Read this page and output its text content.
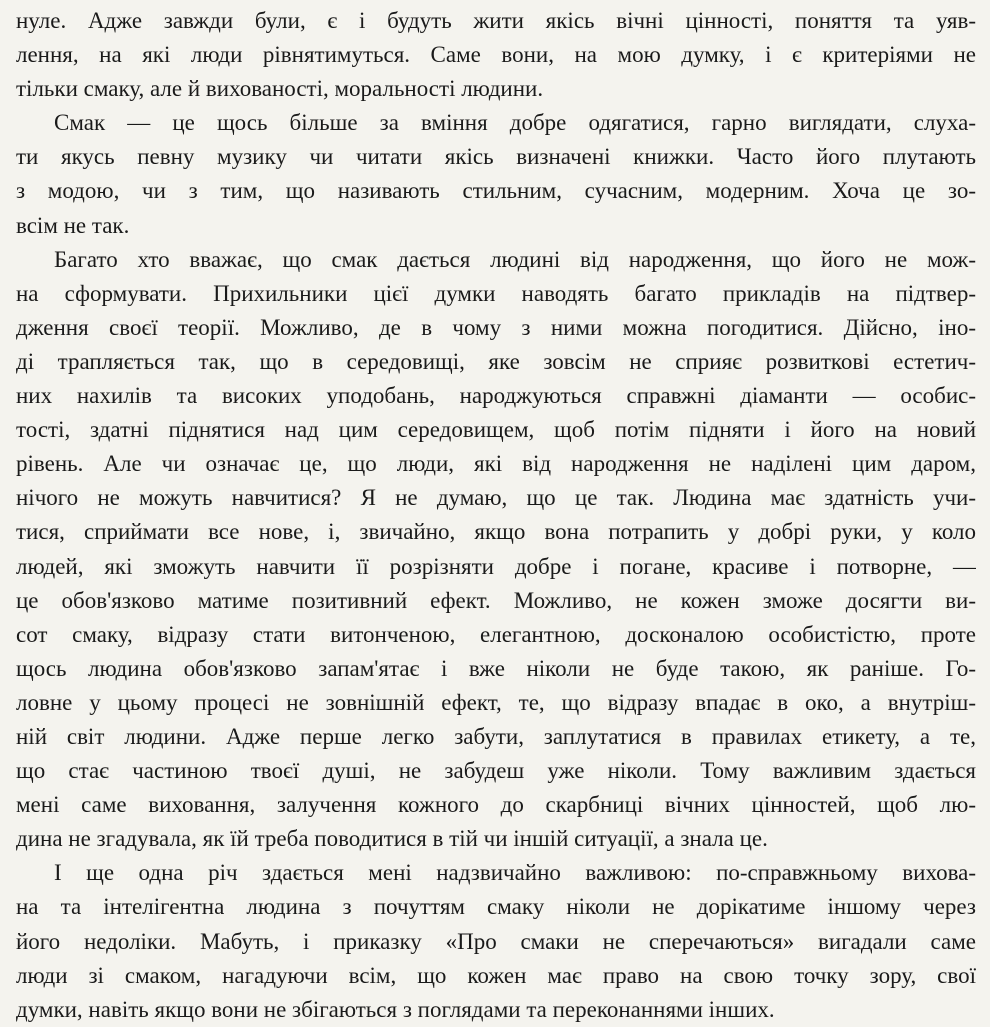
нуле. Адже завжди були, є і будуть жити якісь вічні цінності, поняття та уяв-
лення, на які люди рівнятимуться. Саме вони, на мою думку, і є критеріями не
тільки смаку, але й вихованості, моральності людини.
Смак — це щось більше за вміння добре одягатися, гарно виглядати, слуха-
ти якусь певну музику чи читати якісь визначені книжки. Часто його плутають
з модою, чи з тим, що називають стильним, сучасним, модерним. Хоча це зо-
всім не так.
Багато хто вважає, що смак дається людині від народження, що його не мож-
на сформувати. Прихильники цієї думки наводять багато прикладів на підтвер-
дження своєї теорії. Можливо, де в чому з ними можна погодитися. Дійсно, іно-
ді трапляється так, що в середовищі, яке зовсім не сприяє розвиткові естетич-
них нахилів та високих уподобань, народжуються справжні діаманти — особис-
тості, здатні піднятися над цим середовищем, щоб потім підняти і його на новий
рівень. Але чи означає це, що люди, які від народження не наділені цим даром,
нічого не можуть навчитися? Я не думаю, що це так. Людина має здатність учи-
тися, сприймати все нове, і, звичайно, якщо вона потрапить у добрі руки, у коло
людей, які зможуть навчити її розрізняти добре і погане, красиве і потворне, —
це обов'язково матиме позитивний ефект. Можливо, не кожен зможе досягти ви-
сот смаку, відразу стати витонченою, елегантною, досконалою особистістю, проте
щось людина обов'язково запам'ятає і вже ніколи не буде такою, як раніше. Го-
ловне у цьому процесі не зовнішній ефект, те, що відразу впадає в око, а внутріш-
ній світ людини. Адже перше легко забути, заплутатися в правилах етикету, а те,
що стає частиною твоєї душі, не забудеш уже ніколи. Тому важливим здається
мені саме виховання, залучення кожного до скарбниці вічних цінностей, щоб лю-
дина не згадувала, як їй треба поводитися в тій чи іншій ситуації, а знала це.
І ще одна річ здається мені надзвичайно важливою: по-справжньому вихова-
на та інтелігентна людина з почуттям смаку ніколи не дорікатиме іншому через
його недоліки. Мабуть, і приказку «Про смаки не сперечаються» вигадали саме
люди зі смаком, нагадуючи всім, що кожен має право на свою точку зору, свої
думки, навіть якщо вони не збігаються з поглядами та переконаннями інших.
